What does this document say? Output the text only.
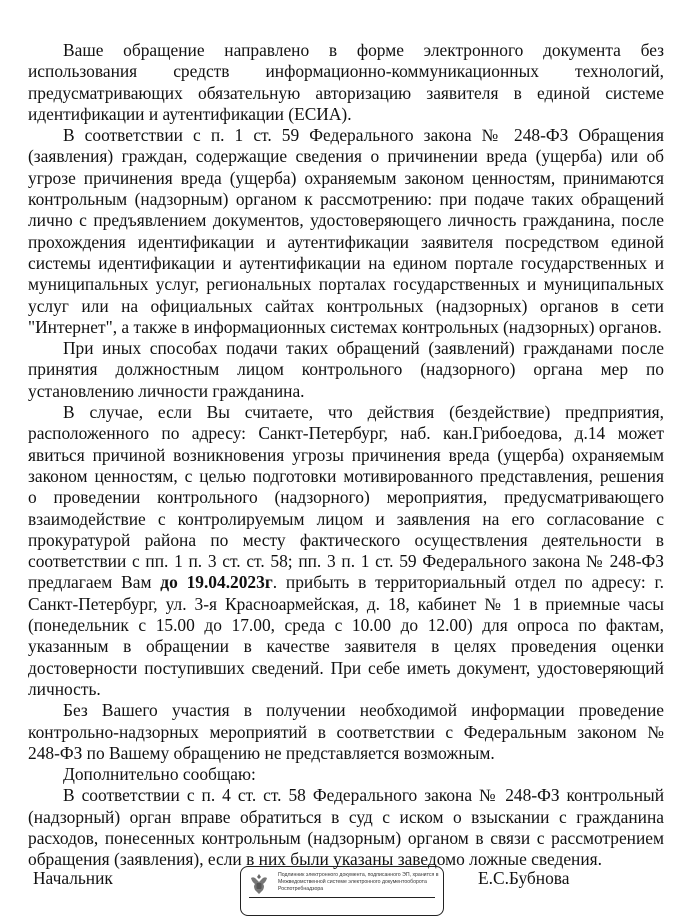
Ваше обращение направлено в форме электронного документа без
использования средств информационно-коммуникационных технологий,
предусматривающих обязательную авторизацию заявителя в единой системе
идентификации и аутентификации (ЕСИА).
В соответствии с п. 1 ст. 59 Федерального закона № 248-ФЗ Обращения
(заявления) граждан, содержащие сведения о причинении вреда (ущерба) или об
угрозе причинения вреда (ущерба) охраняемым законом ценностям, принимаются
контрольным (надзорным) органом к рассмотрению: при подаче таких обращений
лично с предъявлением документов, удостоверяющего личность гражданина, после
прохождения идентификации и аутентификации заявителя посредством единой
системы идентификации и аутентификации на едином портале государственных и
муниципальных услуг, региональных порталах государственных и муниципальных
услуг или на официальных сайтах контрольных (надзорных) органов в сети
"Интернет", а также в информационных системах контрольных (надзорных) органов.
При иных способах подачи таких обращений (заявлений) гражданами после
принятия должностным лицом контрольного (надзорного) органа мер по
установлению личности гражданина.
В случае, если Вы считаете, что действия (бездействие) предприятия,
расположенного по адресу: Санкт-Петербург, наб. кан.Грибоедова, д.14 может
явиться причиной возникновения угрозы причинения вреда (ущерба) охраняемым
законом ценностям, с целью подготовки мотивированного представления, решения
о проведении контрольного (надзорного) мероприятия, предусматривающего
взаимодействие с контролируемым лицом и заявления на его согласование с
прокуратурой района по месту фактического осуществления деятельности в
соответствии с пп. 1 п. 3 ст. ст. 58; пп. 3 п. 1 ст. 59 Федерального закона № 248-ФЗ
предлагаем Вам до 19.04.2023г. прибыть в территориальный отдел по адресу: г.
Санкт-Петербург, ул. 3-я Красноармейская, д. 18, кабинет № 1 в приемные часы
(понедельник с 15.00 до 17.00, среда с 10.00 до 12.00) для опроса по фактам,
указанным в обращении в качестве заявителя в целях проведения оценки
достоверности поступивших сведений. При себе иметь документ, удостоверяющий
личность.
Без Вашего участия в получении необходимой информации проведение
контрольно-надзорных мероприятий в соответствии с Федеральным законом №
248-ФЗ по Вашему обращению не представляется возможным.
Дополнительно сообщаю:
В соответствии с п. 4 ст. ст. 58 Федерального закона № 248-ФЗ контрольный
(надзорный) орган вправе обратиться в суд с иском о взыскании с гражданина
расходов, понесенных контрольным (надзорным) органом в связи с рассмотрением
обращения (заявления), если в них были указаны заведомо ложные сведения.
Начальник	Подлинник электронного документа, подписанного ЭП, хранится в Межведомственной системе электронного документооборота Роспотребнадзора
Е.С.Бубнова
